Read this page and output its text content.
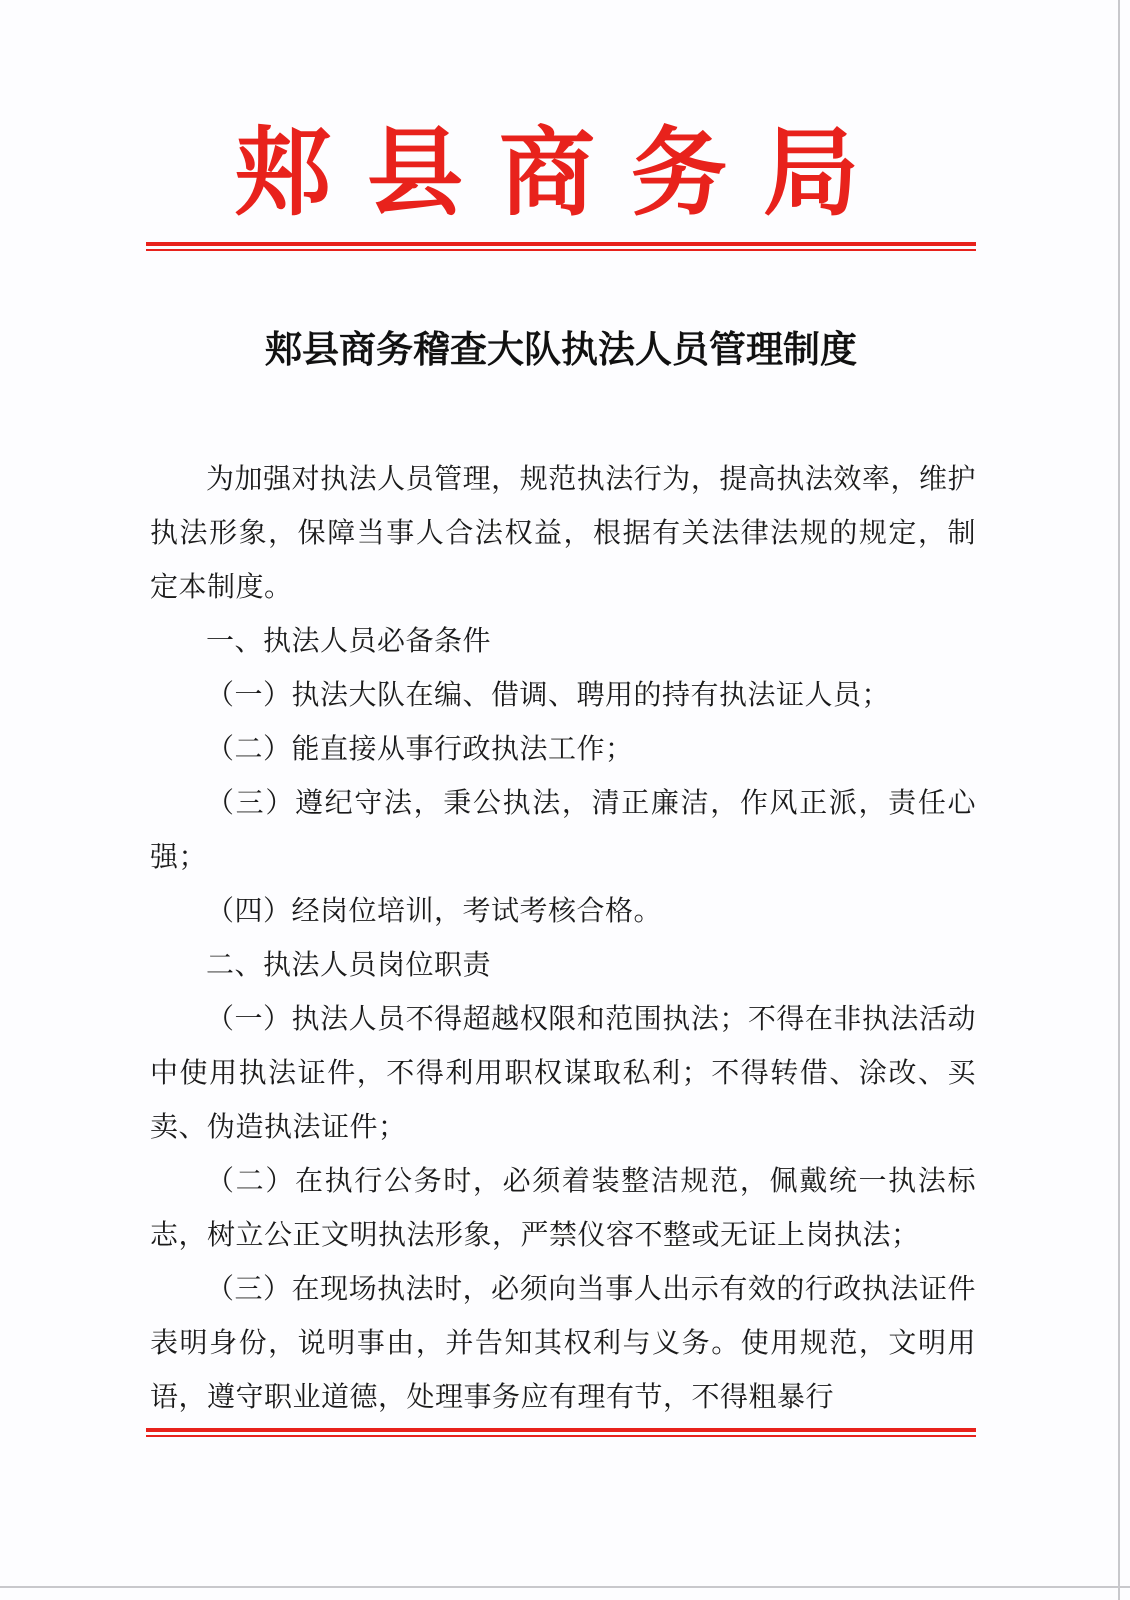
郏县商务局
郏县商务稽查大队执法人员管理制度

为加强对执法人员管理，规范执法行为，提高执法效率，维护执法形象，保障当事人合法权益，根据有关法律法规的规定，制定本制度。

一、执法人员必备条件

（一）执法大队在编、借调、聘用的持有执法证人员；

（二）能直接从事行政执法工作；

（三）遵纪守法，秉公执法，清正廉洁，作风正派，责任心强；

（四）经岗位培训，考试考核合格。

二、执法人员岗位职责

（一）执法人员不得超越权限和范围执法；不得在非执法活动中使用执法证件，不得利用职权谋取私利；不得转借、涂改、买卖、伪造执法证件；

（二）在执行公务时，必须着装整洁规范，佩戴统一执法标志，树立公正文明执法形象，严禁仪容不整或无证上岗执法；

（三）在现场执法时，必须向当事人出示有效的行政执法证件表明身份，说明事由，并告知其权利与义务。使用规范，文明用语，遵守职业道德，处理事务应有理有节，不得粗暴行
